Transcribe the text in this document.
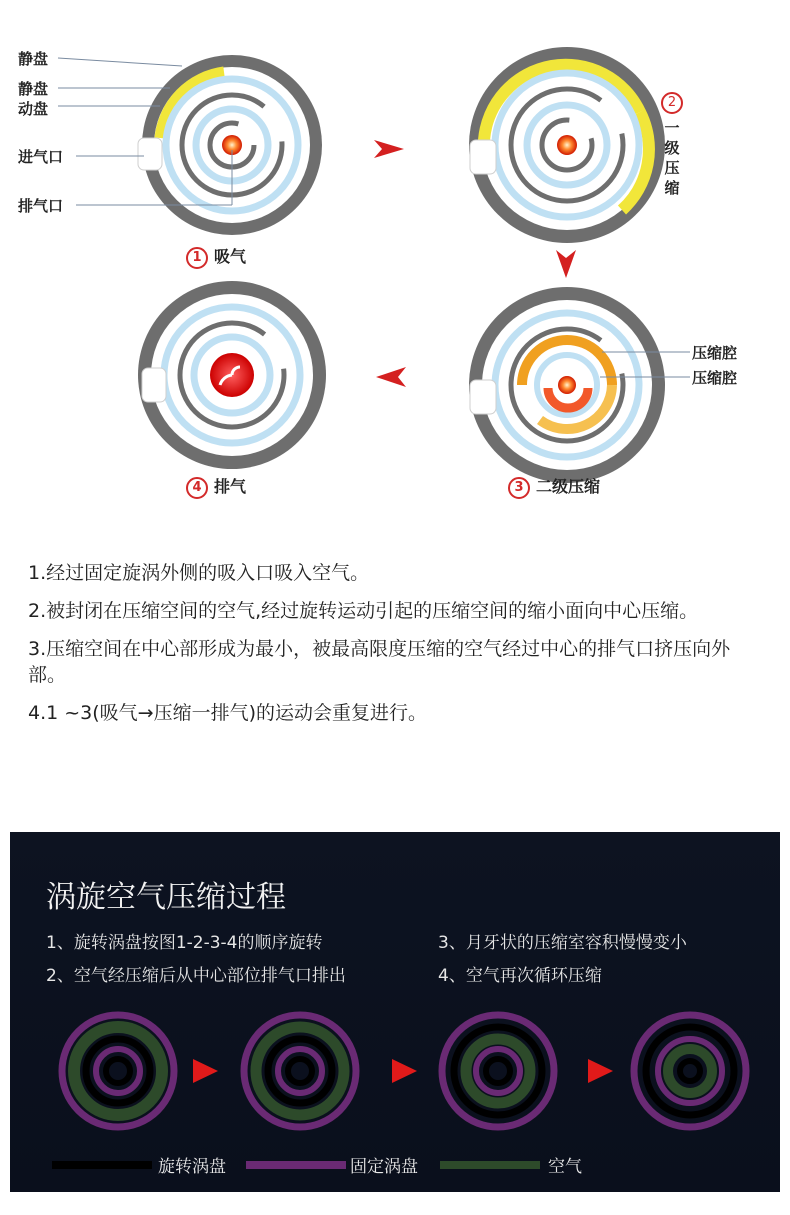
静盘
静盘
动盘
进气口
排气口
1 吸气
2
一级压缩
3 二级压缩
4 排气
压缩腔
压缩腔

1.经过固定旋涡外侧的吸入口吸入空气。

2.被封闭在压缩空间的空气,经过旋转运动引起的压缩空间的缩小面向中心压缩。

3.压缩空间在中心部形成为最小，被最高限度压缩的空气经过中心的排气口挤压向外部。

4.1 ~3(吸气→压缩一排气)的运动会重复进行。

涡旋空气压缩过程
1、旋转涡盘按图1-2-3-4的顺序旋转	3、月牙状的压缩室容积慢慢变小
2、空气经压缩后从中心部位排气口排出	4、空气再次循环压缩
旋转涡盘	固定涡盘	空气
